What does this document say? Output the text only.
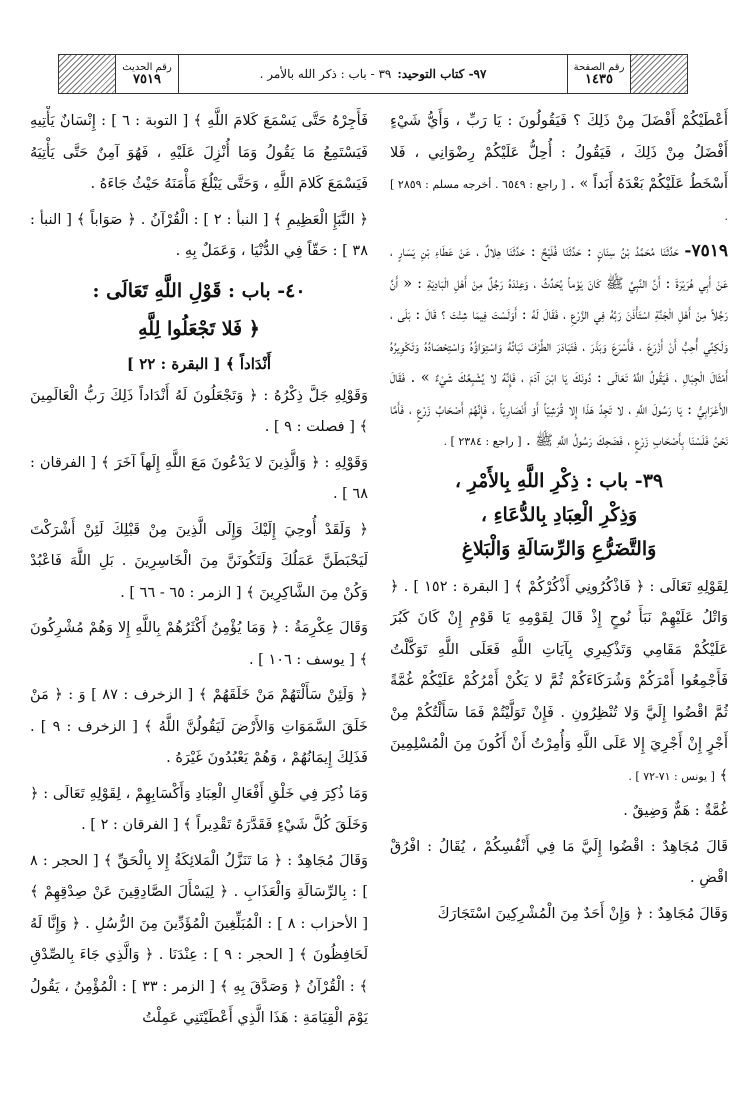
رقم الحديث
٧٥١٩	٩٧- كتاب التوحيد:
٣٩ - باب : ذكر الله بالأمر .	رقم الصفحة
١٤٣٥

أَعْطَيْكُمْ أَفْضَلَ مِنْ ذَلِكَ ؟ فَيَقُولُونَ : يَا رَبِّ ، وَأَيُّ شَيْءٍ أَفْضَلُ مِنْ ذَلِكَ ، فَيَقُولُ : أُحِلُّ عَلَيْكُمْ رِضْوَانِي ، فَلا أَسْخَطُ عَلَيْكُمْ بَعْدَهُ أَبَداً » . [ راجع : ٦٥٤٩ . أخرجه مسلم : ٢٨٥٩ ] .

٧٥١٩- حَدَّثَنَا مُحَمَّدُ بْنُ سِنَانٍ : حَدَّثَنَا فُلَيْحٌ : حَدَّثَنَا هِلالٌ ، عَنْ عَطَاءِ بْنِ يَسَارٍ ، عَنْ أَبِي هُرَيْرَةَ : أَنَّ النَّبِيَّ ﷺ كَانَ يَوْماً يُحَدِّثُ ، وَعِنْدَهُ رَجُلٌ مِنْ أَهْلِ الْبَادِيَةِ : « أَنَّ رَجُلاً مِنْ أَهْلِ الْجَنَّةِ اسْتَأْذَنَ رَبَّهُ فِي الزَّرْعِ ، فَقَالَ لَهُ : أَوَلَسْتَ فِيمَا شِئْتَ ؟ قَالَ : بَلَى ، وَلَكِنِّي أُحِبُّ أَنْ أَزْرَعَ ، فَأَسْرَعَ وَبَذَرَ ، فَتَبَادَرَ الطَّرْفَ نَبَاتُهُ وَاسْتِوَاؤُهُ وَاسْتِحْصَادُهُ وَتَكْوِيرُهُ أَمْثَالَ الْجِبَالِ ، فَيَقُولُ اللَّهُ تَعَالَى : دُونَكَ يَا ابْنَ آدَمَ ، فَإِنَّهُ لا يُشْبِعُكَ شَيْءٌ » . فَقَالَ الأَعْرَابِيُّ : يَا رَسُولَ اللَّهِ ، لا تَجِدُ هَذَا إِلا قُرَشِيّاً أَوْ أَنْصَارِيّاً ، فَإِنَّهُمْ أَصْحَابُ زَرْعٍ ، فَأَمَّا نَحْنُ فَلَسْنَا بِأَصْحَابِ زَرْعٍ ، فَضَحِكَ رَسُولُ اللَّهِ ﷺ . [ راجع : ٢٣٨٤ ] .

٣٩- باب : ذِكْرِ اللَّهِ بِالأَمْرِ ،
وَذِكْرِ الْعِبَادِ بِالدُّعَاءِ ،
وَالتَّضَرُّعِ وَالرِّسَالَةِ وَالْبَلاغِ

لِقَوْلِهِ تَعَالَى : ﴿ فَاذْكُرُونِي أَذْكُرْكُمْ ﴾ [ البقرة : ١٥٢ ] . ﴿ وَاتْلُ عَلَيْهِمْ نَبَأَ نُوحٍ إِذْ قَالَ لِقَوْمِهِ يَا قَوْمِ إِنْ كَانَ كَبُرَ عَلَيْكُمْ مَقَامِي وَتَذْكِيرِي بِآيَاتِ اللَّهِ فَعَلَى اللَّهِ تَوَكَّلْتُ فَأَجْمِعُوا أَمْرَكُمْ وَشُرَكَاءَكُمْ ثُمَّ لا يَكُنْ أَمْرُكُمْ عَلَيْكُمْ غُمَّةً ثُمَّ اقْضُوا إِلَيَّ وَلا تُنْظِرُونِ . فَإِنْ تَوَلَّيْتُمْ فَمَا سَأَلْتُكُمْ مِنْ أَجْرٍ إِنْ أَجْرِيَ إِلا عَلَى اللَّهِ وَأُمِرْتُ أَنْ أَكُونَ مِنَ الْمُسْلِمِينَ ﴾ [ يونس : ٧١-٧٢ ] .

غُمَّةٌ : هَمٌّ وَضِيقٌ .

قَالَ مُجَاهِدٌ : اقْضُوا إِلَيَّ مَا فِي أَنْفُسِكُمْ ، يُقَالُ : افْرُقْ اقْضِ .

وَقَالَ مُجَاهِدٌ : ﴿ وَإِنْ أَحَدٌ مِنَ الْمُشْرِكِينَ اسْتَجَارَكَ

فَأَجِرْهُ حَتَّى يَسْمَعَ كَلامَ اللَّهِ ﴾ [ التوبة : ٦ ] : إِنْسَانٌ يَأْتِيهِ فَيَسْتَمِعُ مَا يَقُولُ وَمَا أُنْزِلَ عَلَيْهِ ، فَهُوَ آمِنٌ حَتَّى يَأْتِيَهُ فَيَسْمَعَ كَلامَ اللَّهِ ، وَحَتَّى يَبْلُغَ مَأْمَنَهُ حَيْثُ جَاءَهُ .

﴿ النَّبَإِ الْعَظِيمِ ﴾ [ النبأ : ٢ ] : الْقُرْآنُ . ﴿ صَوَاباً ﴾ [ النبأ : ٣٨ ] : حَقّاً فِي الدُّنْيَا ، وَعَمَلٌ بِهِ .

٤٠- باب : قَوْلِ اللَّهِ تَعَالَى :
﴿ فَلا تَجْعَلُوا لِلَّهِ
أَنْدَاداً ﴾ [ البقرة : ٢٢ ]

وَقَوْلِهِ جَلَّ ذِكْرُهُ : ﴿ وَتَجْعَلُونَ لَهُ أَنْدَاداً ذَلِكَ رَبُّ الْعَالَمِينَ ﴾ [ فصلت : ٩ ] .

وَقَوْلِهِ : ﴿ وَالَّذِينَ لا يَدْعُونَ مَعَ اللَّهِ إِلَهاً آخَرَ ﴾ [ الفرقان : ٦٨ ] .

﴿ وَلَقَدْ أُوحِيَ إِلَيْكَ وَإِلَى الَّذِينَ مِنْ قَبْلِكَ لَئِنْ أَشْرَكْتَ لَيَحْبَطَنَّ عَمَلُكَ وَلَتَكُونَنَّ مِنَ الْخَاسِرِينَ . بَلِ اللَّهَ فَاعْبُدْ وَكُنْ مِنَ الشَّاكِرِينَ ﴾ [ الزمر : ٦٥ - ٦٦ ] .

وَقَالَ عِكْرِمَةُ : ﴿ وَمَا يُؤْمِنُ أَكْثَرُهُمْ بِاللَّهِ إِلا وَهُمْ مُشْرِكُونَ ﴾ [ يوسف : ١٠٦ ] .

﴿ وَلَئِنْ سَأَلْتَهُمْ مَنْ خَلَقَهُمْ ﴾ [ الزخرف : ٨٧ ] وَ : ﴿ مَنْ خَلَقَ السَّمَوَاتِ وَالأَرْضَ لَيَقُولُنَّ اللَّهُ ﴾ [ الزخرف : ٩ ] . فَذَلِكَ إِيمَانُهُمْ ، وَهُمْ يَعْبُدُونَ غَيْرَهُ .

وَمَا ذُكِرَ فِي خَلْقِ أَفْعَالِ الْعِبَادِ وَأَكْسَابِهِمْ ، لِقَوْلِهِ تَعَالَى : ﴿ وَخَلَقَ كُلَّ شَيْءٍ فَقَدَّرَهُ تَقْدِيراً ﴾ [ الفرقان : ٢ ] .

وَقَالَ مُجَاهِدٌ : ﴿ مَا تَنَزَّلُ الْمَلائِكَةُ إِلا بِالْحَقِّ ﴾ [ الحجر : ٨ ] : بِالرِّسَالَةِ وَالْعَذَابِ . ﴿ لِيَسْأَلَ الصَّادِقِينَ عَنْ صِدْقِهِمْ ﴾ [ الأحزاب : ٨ ] : الْمُبَلِّغِينَ الْمُؤَدِّينَ مِنَ الرُّسُلِ . ﴿ وَإِنَّا لَهُ لَحَافِظُونَ ﴾ [ الحجر : ٩ ] : عِنْدَنَا . ﴿ وَالَّذِي جَاءَ بِالصِّدْقِ ﴾ : الْقُرْآنُ ﴿ وَصَدَّقَ بِهِ ﴾ [ الزمر : ٣٣ ] : الْمُؤْمِنُ ، يَقُولُ يَوْمَ الْقِيَامَةِ : هَذَا الَّذِي أَعْطَيْتَنِي عَمِلْتُ
